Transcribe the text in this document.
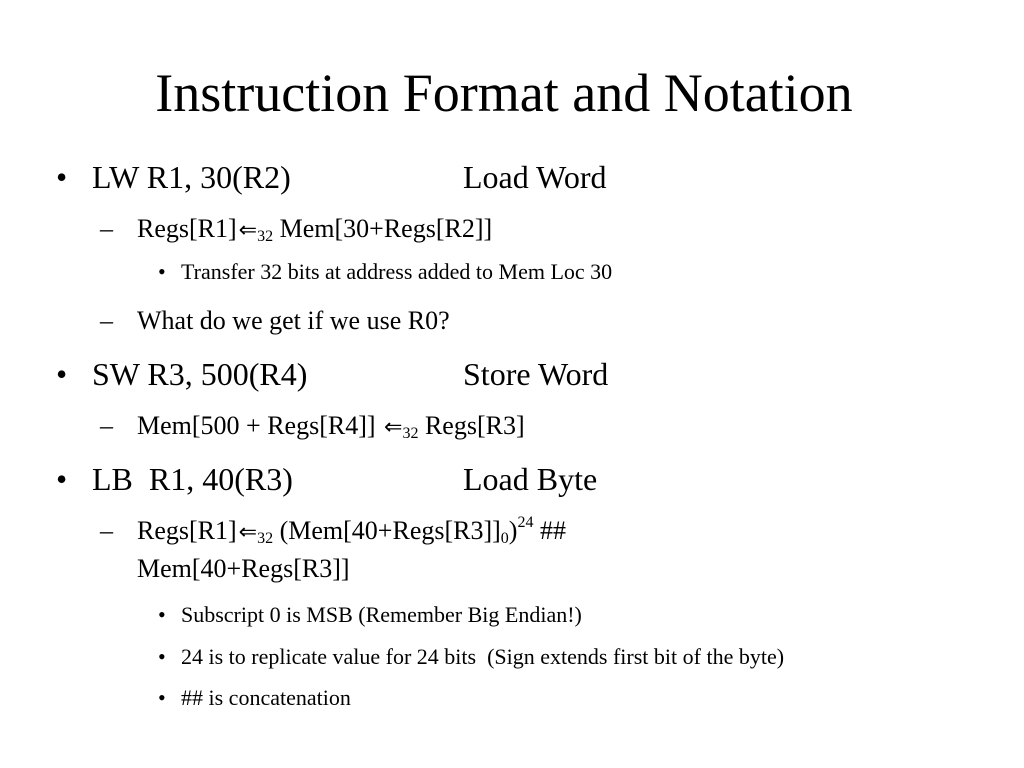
Instruction Format and Notation
• LW R1, 30(R2)	Load Word
– $Regs[R1]⇐_{32}$ Mem[30+Regs[R2]]
• Transfer 32 bits at address added to Mem Loc 30
– What do we get if we use R0?
• SW R3, 500(R4)	Store Word
– Mem[500 + Regs[R4]] $⇐_{32}$ Regs[R3]
• LB  R1, 40(R3)	Load Byte
– $Regs[R1]⇐_{32}$ $(Mem[40+Regs[R3]]_0)^{24}$ ##
Mem[40+Regs[R3]]
• Subscript 0 is MSB (Remember Big Endian!)
• 24 is to replicate value for 24 bits  (Sign extends first bit of the byte)
• ## is concatenation
